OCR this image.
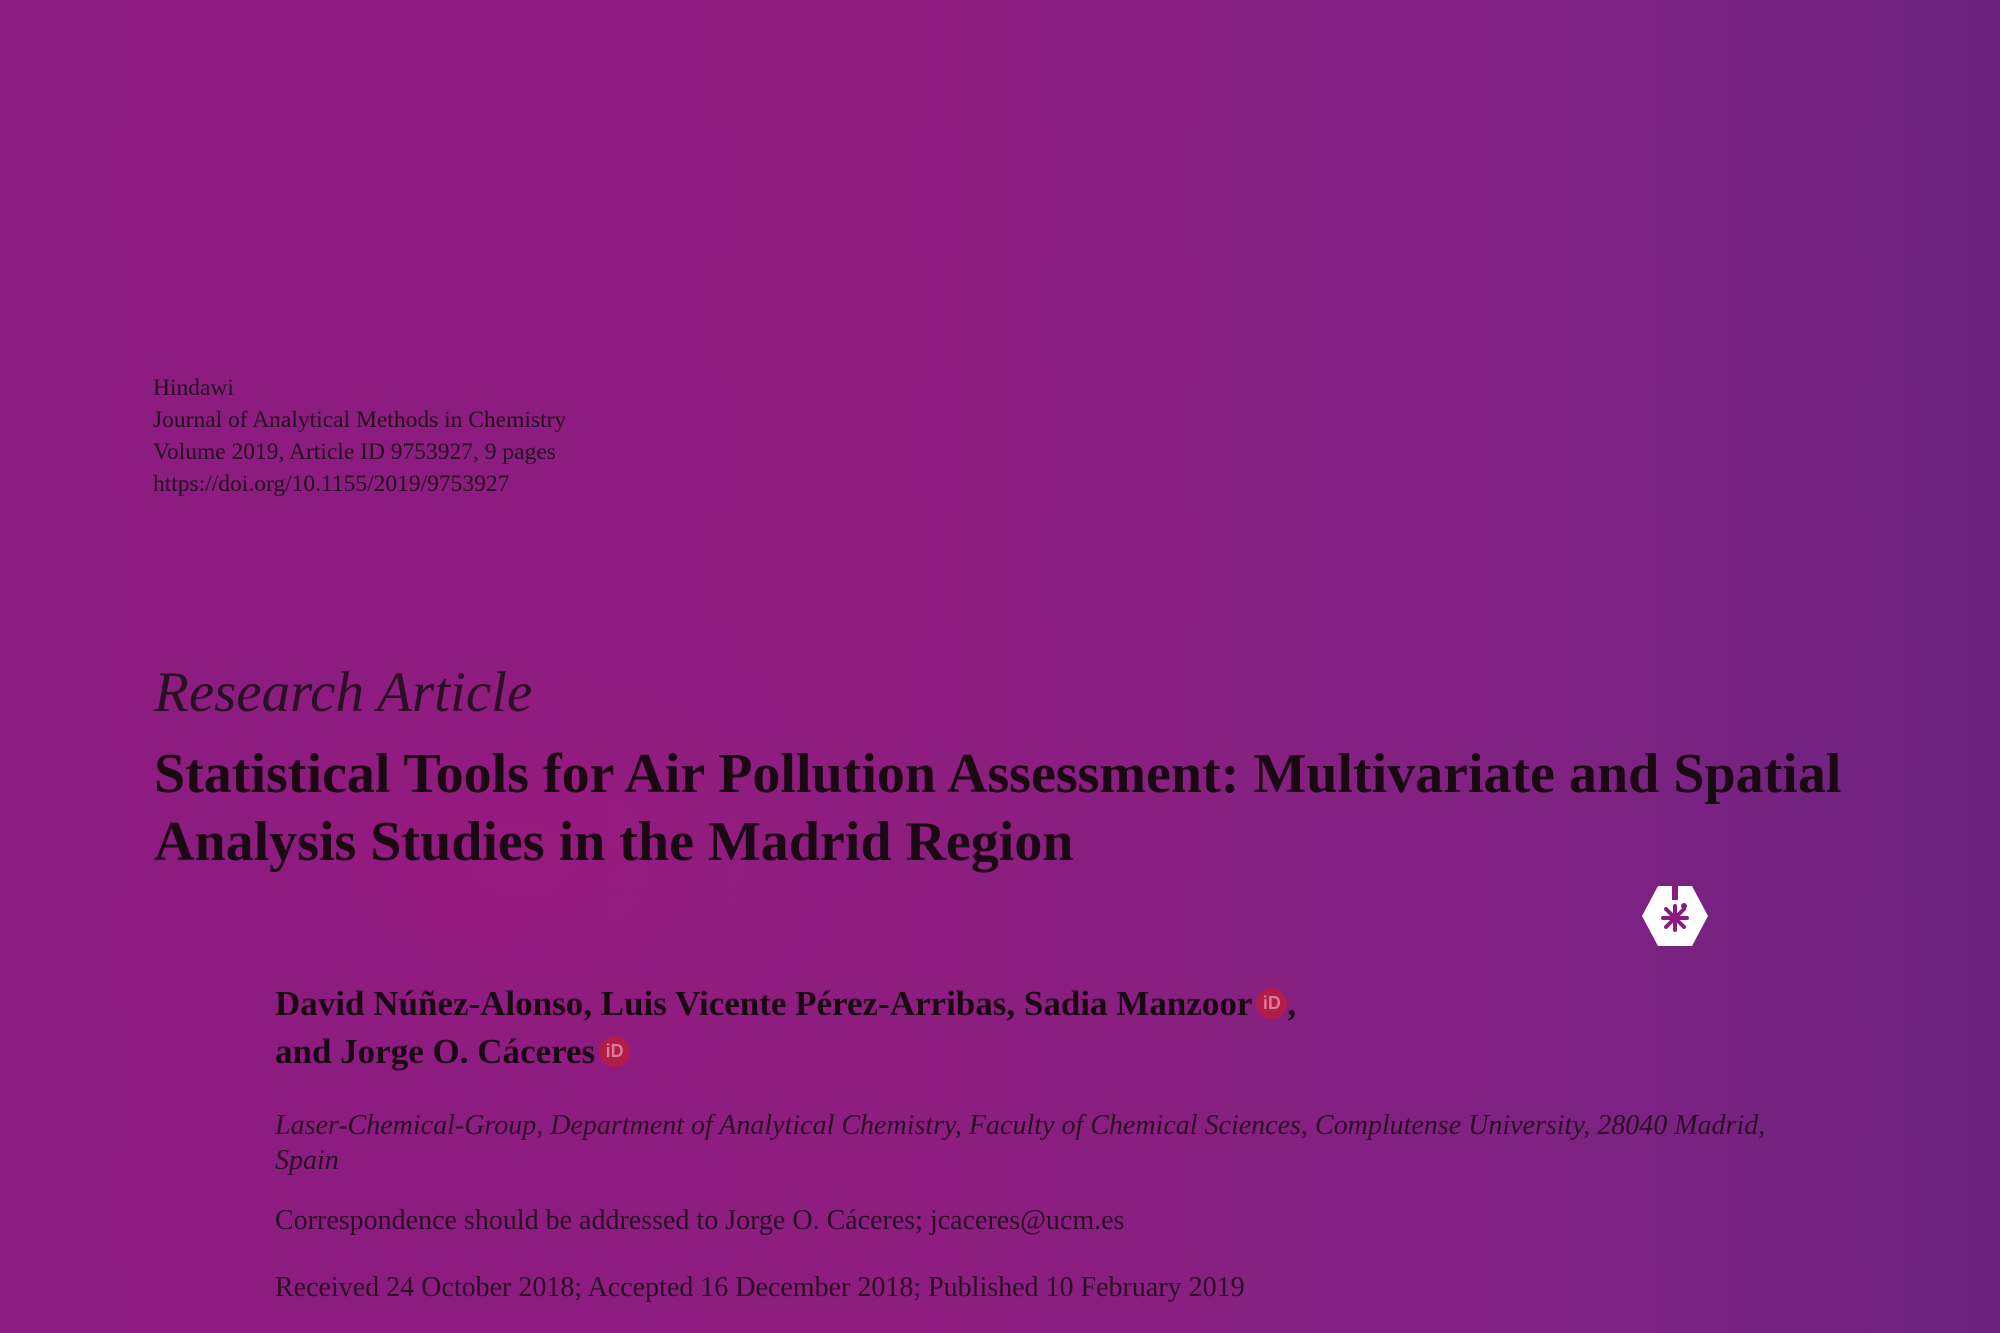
Hindawi
Journal of Analytical Methods in Chemistry
Volume 2019, Article ID 9753927, 9 pages
https://doi.org/10.1155/2019/9753927
Research Article
Statistical Tools for Air Pollution Assessment: Multivariate and Spatial Analysis Studies in the Madrid Region
David Núñez-Alonso, Luis Vicente Pérez-Arribas, Sadia Manzoor iD ,
and Jorge O. Cáceres iD
Laser-Chemical-Group, Department of Analytical Chemistry, Faculty of Chemical Sciences, Complutense University, 28040 Madrid, Spain
Correspondence should be addressed to Jorge O. Cáceres; jcaceres@ucm.es
Received 24 October 2018; Accepted 16 December 2018; Published 10 February 2019
